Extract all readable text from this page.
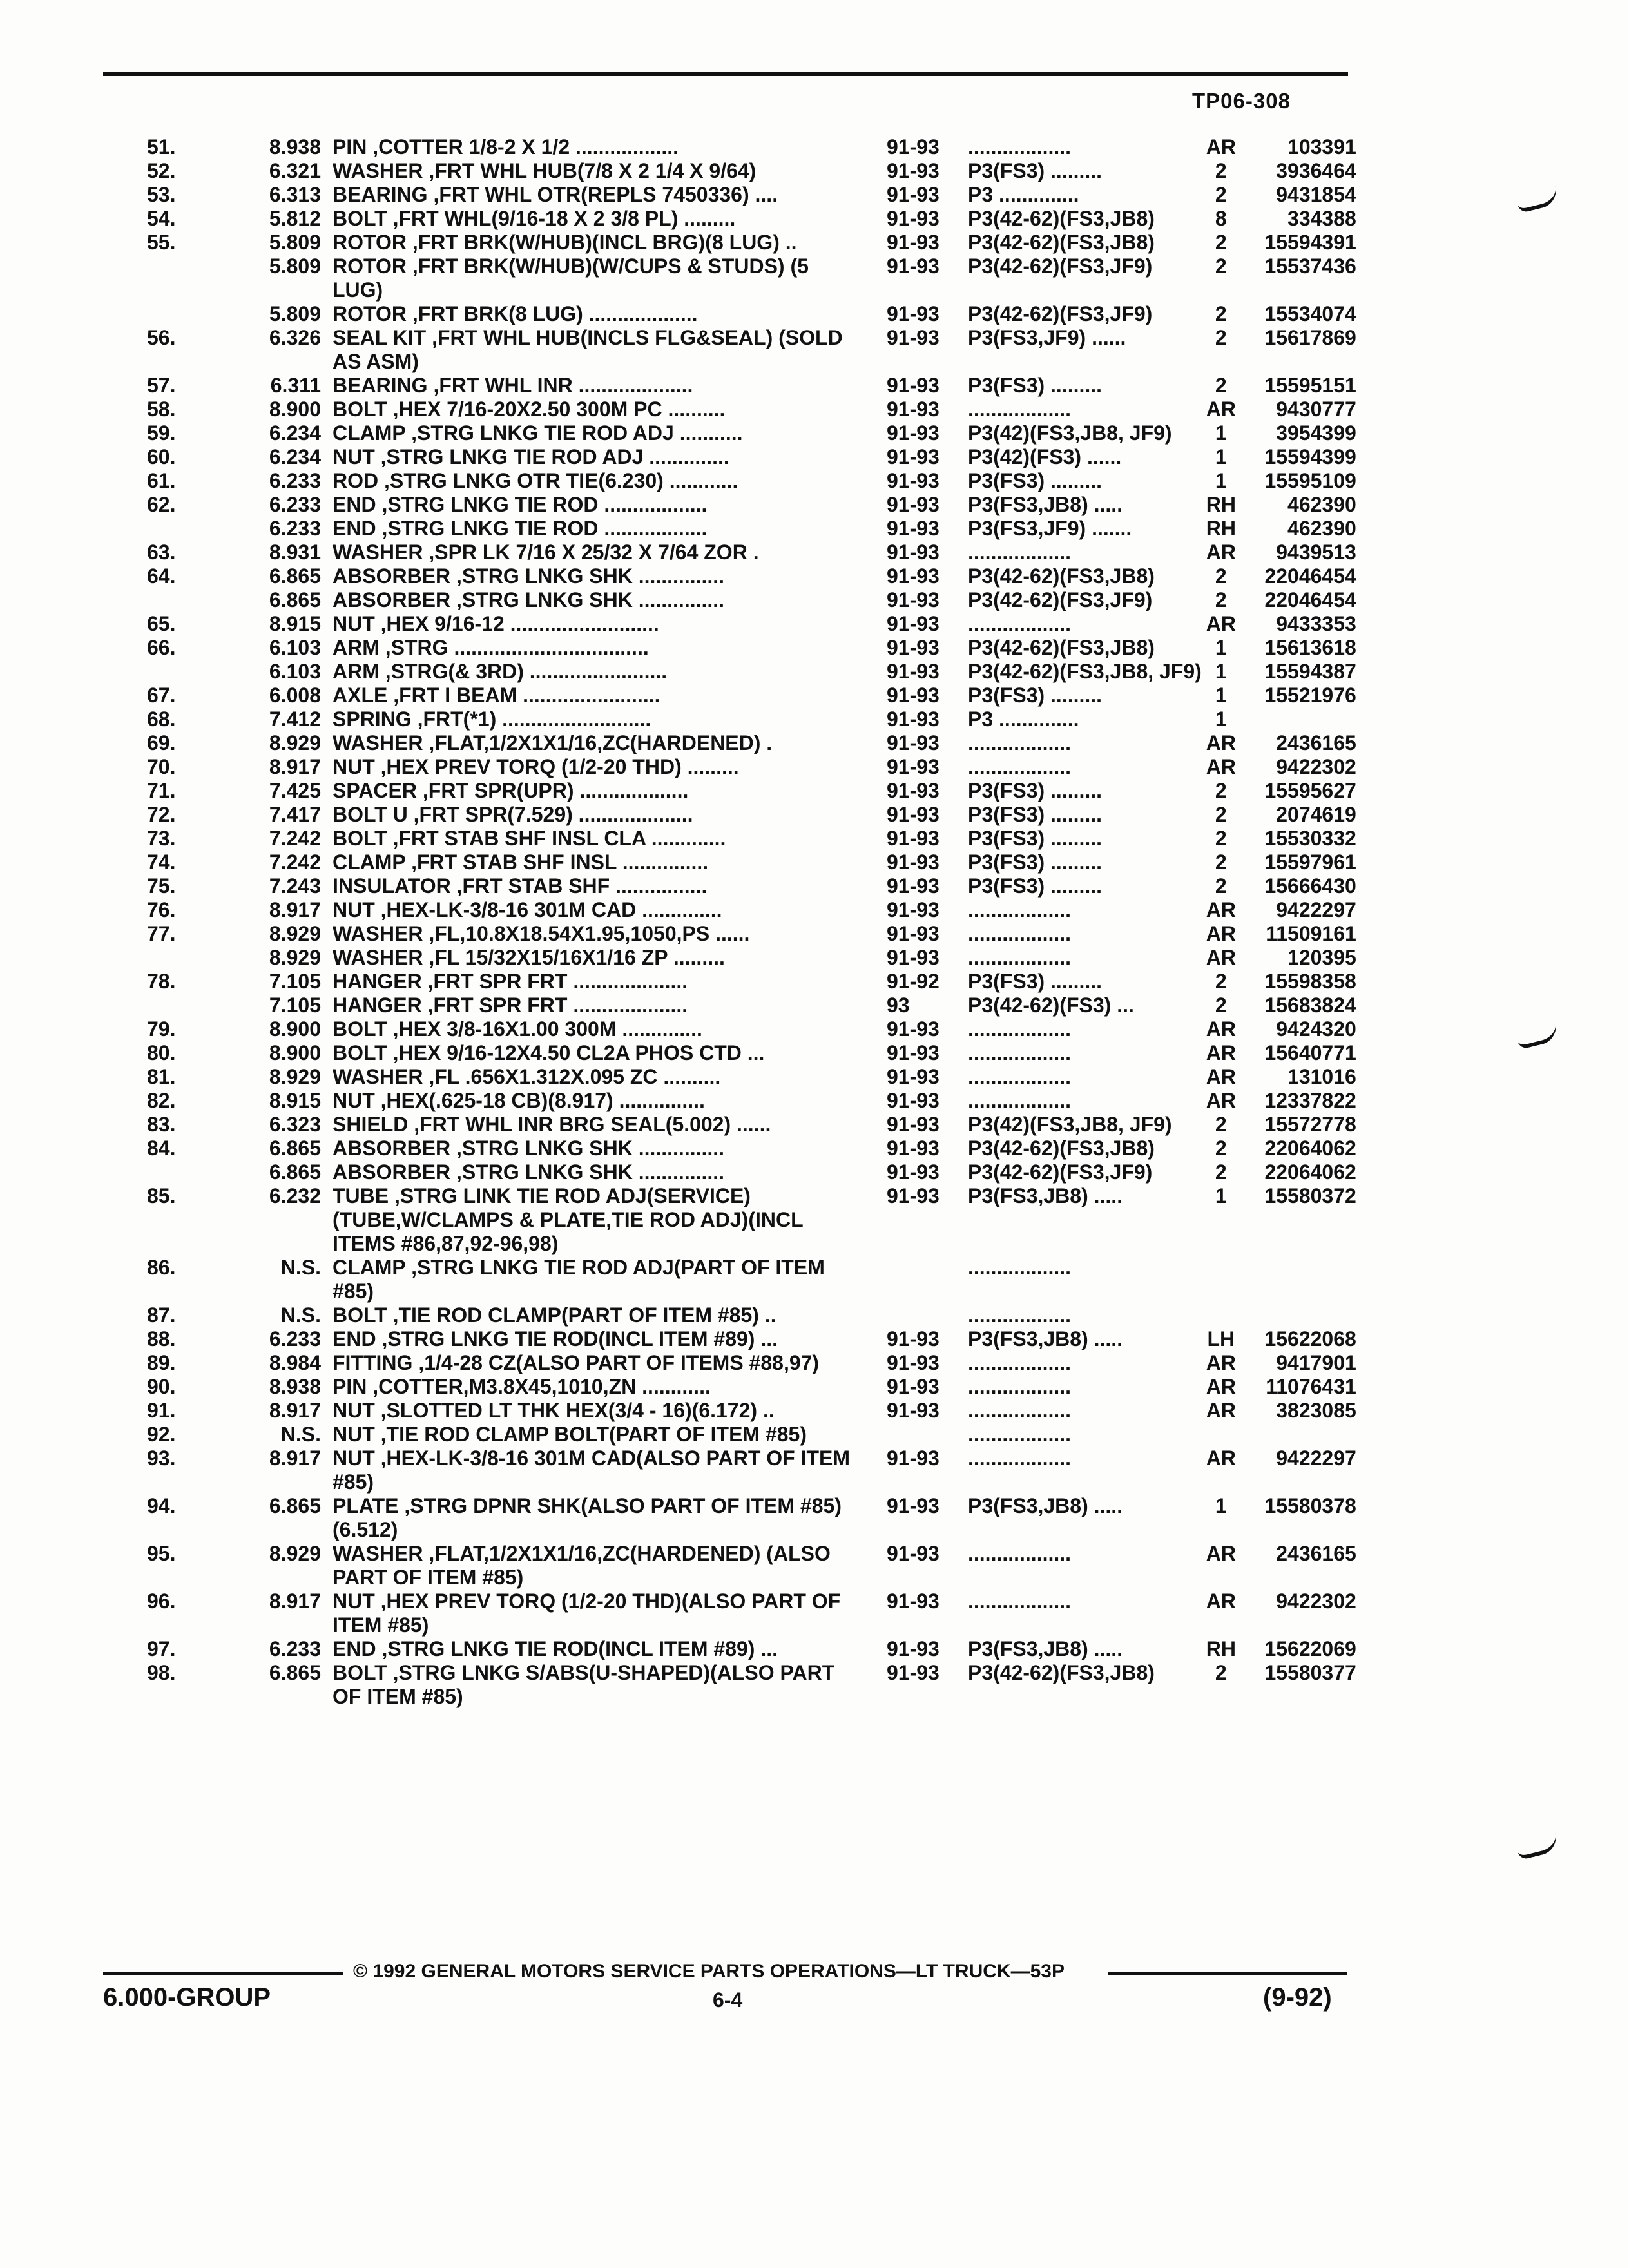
TP06-308
51.	8.938	PIN ,COTTER 1/8-2 X 1/2 ..................	91-93	..................	AR	103391
52.	6.321	WASHER ,FRT WHL HUB(7/8 X 2 1/4 X 9/64)	91-93	P3(FS3) .........	2	3936464
53.	6.313	BEARING ,FRT WHL OTR(REPLS 7450336) ....	91-93	P3 ..............	2	9431854
54.	5.812	BOLT ,FRT WHL(9/16-18 X 2 3/8 PL) .........	91-93	P3(42-62)(FS3,JB8)	8	334388
55.	5.809	ROTOR ,FRT BRK(W/HUB)(INCL BRG)(8 LUG) ..	91-93	P3(42-62)(FS3,JB8)	2	15594391
	5.809	ROTOR ,FRT BRK(W/HUB)(W/CUPS & STUDS) (5 LUG)	91-93	P3(42-62)(FS3,JF9)	2	15537436
	5.809	ROTOR ,FRT BRK(8 LUG) ...................	91-93	P3(42-62)(FS3,JF9)	2	15534074
56.	6.326	SEAL KIT ,FRT WHL HUB(INCLS FLG&SEAL) (SOLD AS ASM)	91-93	P3(FS3,JF9) ......	2	15617869
57.	6.311	BEARING ,FRT WHL INR ....................	91-93	P3(FS3) .........	2	15595151
58.	8.900	BOLT ,HEX 7/16-20X2.50 300M PC ..........	91-93	..................	AR	9430777
59.	6.234	CLAMP ,STRG LNKG TIE ROD ADJ ...........	91-93	P3(42)(FS3,JB8, JF9)	1	3954399
60.	6.234	NUT ,STRG LNKG TIE ROD ADJ ..............	91-93	P3(42)(FS3) ......	1	15594399
61.	6.233	ROD ,STRG LNKG OTR TIE(6.230) ............	91-93	P3(FS3) .........	1	15595109
62.	6.233	END ,STRG LNKG TIE ROD ..................	91-93	P3(FS3,JB8) .....	RH	462390
	6.233	END ,STRG LNKG TIE ROD ..................	91-93	P3(FS3,JF9) .......	RH	462390
63.	8.931	WASHER ,SPR LK 7/16 X 25/32 X 7/64 ZOR .	91-93	..................	AR	9439513
64.	6.865	ABSORBER ,STRG LNKG SHK ...............	91-93	P3(42-62)(FS3,JB8)	2	22046454
	6.865	ABSORBER ,STRG LNKG SHK ...............	91-93	P3(42-62)(FS3,JF9)	2	22046454
65.	8.915	NUT ,HEX 9/16-12 ..........................	91-93	..................	AR	9433353
66.	6.103	ARM ,STRG ..................................	91-93	P3(42-62)(FS3,JB8)	1	15613618
	6.103	ARM ,STRG(& 3RD) ........................	91-93	P3(42-62)(FS3,JB8, JF9)	1	15594387
67.	6.008	AXLE ,FRT I BEAM ........................	91-93	P3(FS3) .........	1	15521976
68.	7.412	SPRING ,FRT(*1) ..........................	91-93	P3 ..............	1	
69.	8.929	WASHER ,FLAT,1/2X1X1/16,ZC(HARDENED) .	91-93	..................	AR	2436165
70.	8.917	NUT ,HEX PREV TORQ (1/2-20 THD) .........	91-93	..................	AR	9422302
71.	7.425	SPACER ,FRT SPR(UPR) ...................	91-93	P3(FS3) .........	2	15595627
72.	7.417	BOLT U ,FRT SPR(7.529) ....................	91-93	P3(FS3) .........	2	2074619
73.	7.242	BOLT ,FRT STAB SHF INSL CLA .............	91-93	P3(FS3) .........	2	15530332
74.	7.242	CLAMP ,FRT STAB SHF INSL ...............	91-93	P3(FS3) .........	2	15597961
75.	7.243	INSULATOR ,FRT STAB SHF ................	91-93	P3(FS3) .........	2	15666430
76.	8.917	NUT ,HEX-LK-3/8-16 301M CAD ..............	91-93	..................	AR	9422297
77.	8.929	WASHER ,FL,10.8X18.54X1.95,1050,PS ......	91-93	..................	AR	11509161
	8.929	WASHER ,FL 15/32X15/16X1/16 ZP .........	91-93	..................	AR	120395
78.	7.105	HANGER ,FRT SPR FRT ....................	91-92	P3(FS3) .........	2	15598358
	7.105	HANGER ,FRT SPR FRT ....................	93	P3(42-62)(FS3) ...	2	15683824
79.	8.900	BOLT ,HEX 3/8-16X1.00 300M ..............	91-93	..................	AR	9424320
80.	8.900	BOLT ,HEX 9/16-12X4.50 CL2A PHOS CTD ...	91-93	..................	AR	15640771
81.	8.929	WASHER ,FL .656X1.312X.095 ZC ..........	91-93	..................	AR	131016
82.	8.915	NUT ,HEX(.625-18 CB)(8.917) ...............	91-93	..................	AR	12337822
83.	6.323	SHIELD ,FRT WHL INR BRG SEAL(5.002) ......	91-93	P3(42)(FS3,JB8, JF9)	2	15572778
84.	6.865	ABSORBER ,STRG LNKG SHK ...............	91-93	P3(42-62)(FS3,JB8)	2	22064062
	6.865	ABSORBER ,STRG LNKG SHK ...............	91-93	P3(42-62)(FS3,JF9)	2	22064062
85.	6.232	TUBE ,STRG LINK TIE ROD ADJ(SERVICE) (TUBE,W/CLAMPS & PLATE,TIE ROD ADJ)(INCL ITEMS #86,87,92-96,98)	91-93	P3(FS3,JB8) .....	1	15580372
86.	N.S.	CLAMP ,STRG LNKG TIE ROD ADJ(PART OF ITEM #85)		..................		
87.	N.S.	BOLT ,TIE ROD CLAMP(PART OF ITEM #85) ..		..................		
88.	6.233	END ,STRG LNKG TIE ROD(INCL ITEM #89) ...	91-93	P3(FS3,JB8) .....	LH	15622068
89.	8.984	FITTING ,1/4-28 CZ(ALSO PART OF ITEMS #88,97)	91-93	..................	AR	9417901
90.	8.938	PIN ,COTTER,M3.8X45,1010,ZN ............	91-93	..................	AR	11076431
91.	8.917	NUT ,SLOTTED LT THK HEX(3/4 - 16)(6.172) ..	91-93	..................	AR	3823085
92.	N.S.	NUT ,TIE ROD CLAMP BOLT(PART OF ITEM #85)		..................		
93.	8.917	NUT ,HEX-LK-3/8-16 301M CAD(ALSO PART OF ITEM #85)	91-93	..................	AR	9422297
94.	6.865	PLATE ,STRG DPNR SHK(ALSO PART OF ITEM #85)(6.512)	91-93	P3(FS3,JB8) .....	1	15580378
95.	8.929	WASHER ,FLAT,1/2X1X1/16,ZC(HARDENED) (ALSO PART OF ITEM #85)	91-93	..................	AR	2436165
96.	8.917	NUT ,HEX PREV TORQ (1/2-20 THD)(ALSO PART OF ITEM #85)	91-93	..................	AR	9422302
97.	6.233	END ,STRG LNKG TIE ROD(INCL ITEM #89) ...	91-93	P3(FS3,JB8) .....	RH	15622069
98.	6.865	BOLT ,STRG LNKG S/ABS(U-SHAPED)(ALSO PART OF ITEM #85)	91-93	P3(42-62)(FS3,JB8)	2	15580377
© 1992 GENERAL MOTORS SERVICE PARTS OPERATIONS—LT TRUCK—53P
6.000-GROUP	6-4	(9-92)
